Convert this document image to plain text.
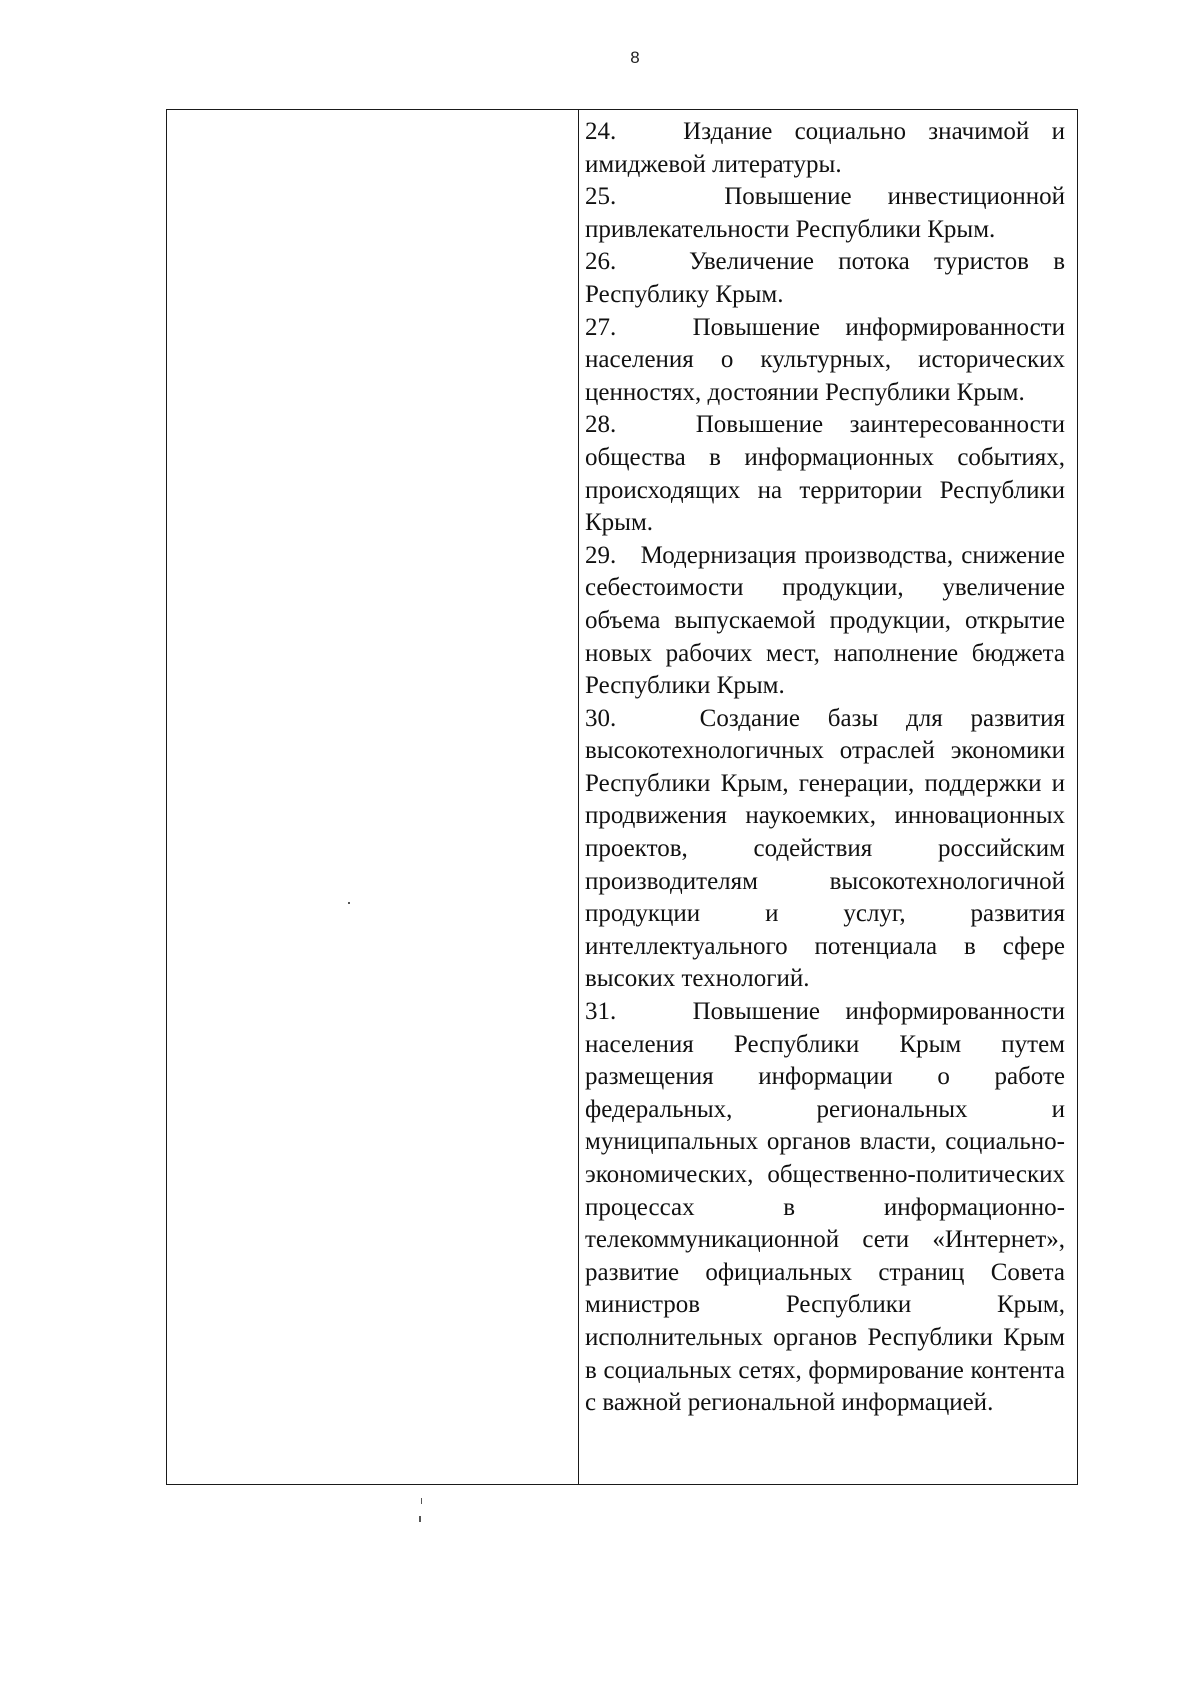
8

24.	Издание социально значимой и имиджевой литературы.

25.	Повышение инвестиционной привлекательности Республики Крым.

26.	Увеличение потока туристов в Республику Крым.

27.	Повышение информированности населения о культурных, исторических ценностях, достоянии Республики Крым.

28.	Повышение заинтересованности общества в информационных событиях, происходящих на территории Республики Крым.

29. Модернизация производства, снижение себестоимости продукции, увеличение объема выпускаемой продукции, открытие новых рабочих мест, наполнение бюджета Республики Крым.

30.	Создание базы для развития высокотехнологичных отраслей экономики Республики Крым, генерации, поддержки и продвижения наукоемких, инновационных проектов, содействия российским производителям высокотехнологичной продукции и услуг, развития интеллектуального потенциала в сфере высоких технологий.

31.	Повышение информированности населения Республики Крым путем размещения информации о работе федеральных, региональных и муниципальных органов власти, социально-экономических, общественно-политических процессах в информационно-телекоммуникационной сети «Интернет», развитие официальных страниц Совета министров Республики Крым, исполнительных органов Республики Крым в социальных сетях, формирование контента с важной региональной информацией.
